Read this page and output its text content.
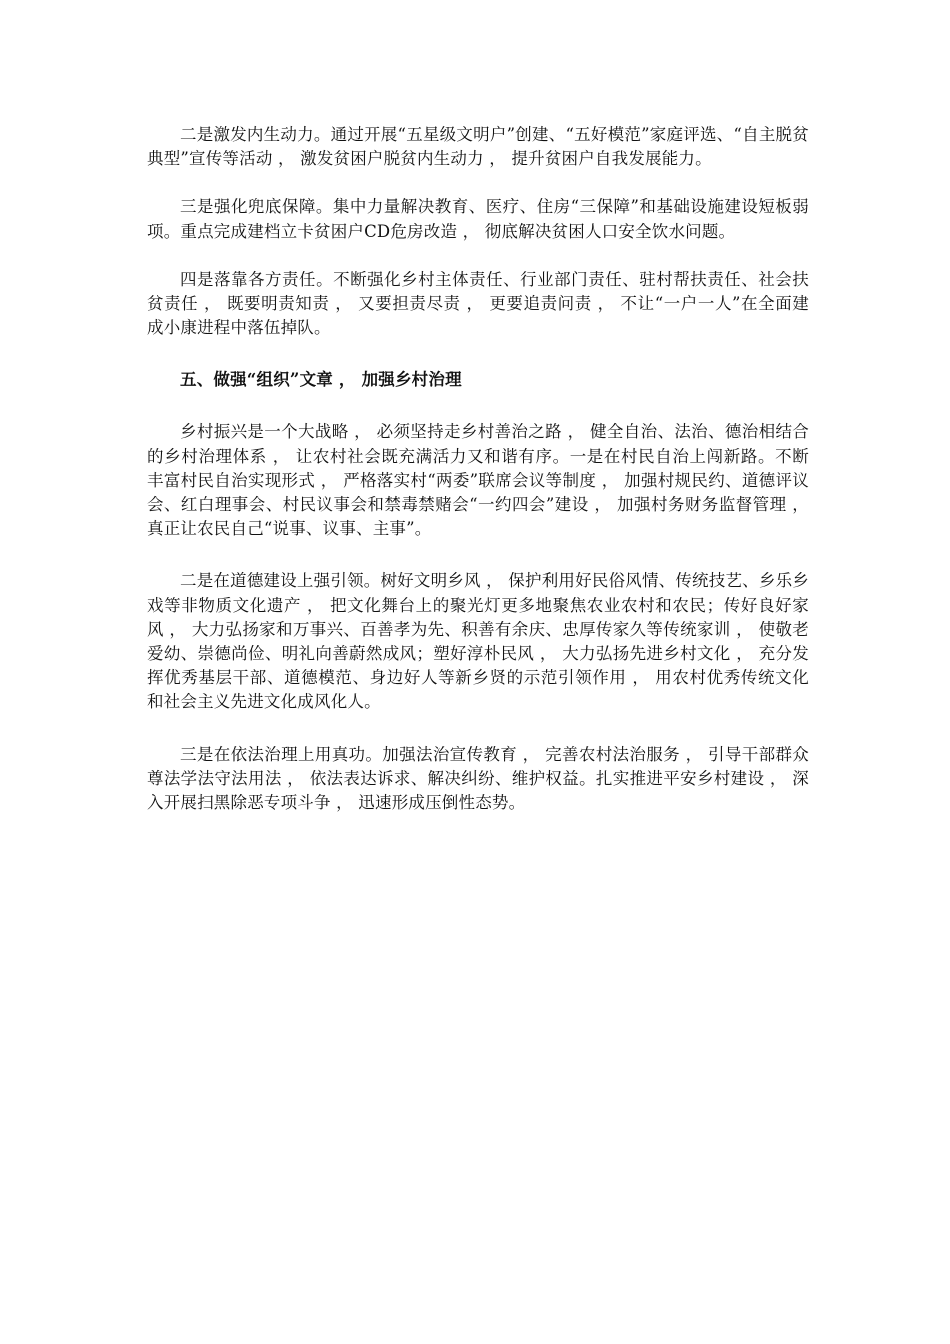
二是激发内生动力。通过开展“五星级文明户”创建、“五好模范”家庭评选、“自主脱贫典型”宣传等活动 ， 激发贫困户脱贫内生动力 ， 提升贫困户自我发展能力。

三是强化兜底保障。集中力量解决教育、医疗、住房“三保障”和基础设施建设短板弱项。重点完成建档立卡贫困户CD危房改造 ， 彻底解决贫困人口安全饮水问题。

四是落靠各方责任。不断强化乡村主体责任、行业部门责任、驻村帮扶责任、社会扶贫责任 ， 既要明责知责 ， 又要担责尽责 ， 更要追责问责 ， 不让“一户一人”在全面建成小康进程中落伍掉队。

五、做强“组织”文章 ， 加强乡村治理

乡村振兴是一个大战略 ， 必须坚持走乡村善治之路 ， 健全自治、法治、德治相结合的乡村治理体系 ， 让农村社会既充满活力又和谐有序。一是在村民自治上闯新路。不断丰富村民自治实现形式 ， 严格落实村“两委”联席会议等制度 ， 加强村规民约、道德评议会、红白理事会、村民议事会和禁毒禁赌会“一约四会”建设 ， 加强村务财务监督管理 ， 真正让农民自己“说事、议事、主事”。

二是在道德建设上强引领。树好文明乡风 ， 保护利用好民俗风情、传统技艺、乡乐乡戏等非物质文化遗产 ， 把文化舞台上的聚光灯更多地聚焦农业农村和农民；传好良好家风 ， 大力弘扬家和万事兴、百善孝为先、积善有余庆、忠厚传家久等传统家训 ， 使敬老爱幼、崇德尚俭、明礼向善蔚然成风；塑好淳朴民风 ， 大力弘扬先进乡村文化 ， 充分发挥优秀基层干部、道德模范、身边好人等新乡贤的示范引领作用 ， 用农村优秀传统文化和社会主义先进文化成风化人。

三是在依法治理上用真功。加强法治宣传教育 ， 完善农村法治服务 ， 引导干部群众尊法学法守法用法 ， 依法表达诉求、解决纠纷、维护权益。扎实推进平安乡村建设 ， 深入开展扫黑除恶专项斗争 ， 迅速形成压倒性态势。
